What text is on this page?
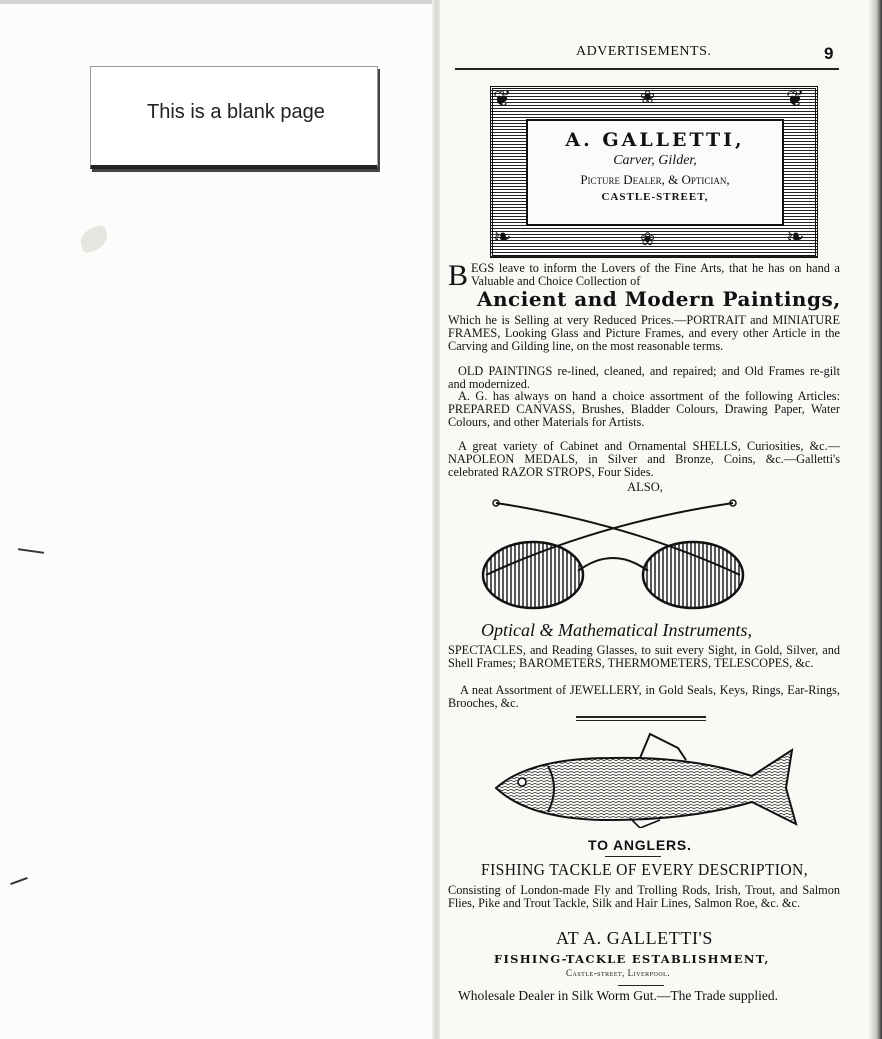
This is a blank page
ADVERTISEMENTS.	9
❦	❦
❧	❧
❀
❀
A. GALLETTI,
Carver, Gilder,
Picture Dealer, & Optician,
CASTLE-STREET,
BEGS leave to inform the Lovers of the Fine Arts, that he has on hand a Valuable and Choice Collection of
Ancient and Modern Paintings,
Which he is Selling at very Reduced Prices.—PORTRAIT and MINIATURE FRAMES, Looking Glass and Picture Frames, and every other Article in the Carving and Gilding line, on the most reasonable terms.
OLD PAINTINGS re-lined, cleaned, and repaired; and Old Frames re-gilt and modernized.
A. G. has always on hand a choice assortment of the following Articles: PREPARED CANVASS, Brushes, Bladder Colours, Drawing Paper, Water Colours, and other Materials for Artists.
A great variety of Cabinet and Ornamental SHELLS, Curiosities, &c.—NAPOLEON MEDALS, in Silver and Bronze, Coins, &c.—Galletti's celebrated RAZOR STROPS, Four Sides.
ALSO,
Optical & Mathematical Instruments,
SPECTACLES, and Reading Glasses, to suit every Sight, in Gold, Silver, and Shell Frames; BAROMETERS, THERMOMETERS, TELESCOPES, &c.
A neat Assortment of JEWELLERY, in Gold Seals, Keys, Rings, Ear-Rings, Brooches, &c.
TO ANGLERS.
FISHING TACKLE OF EVERY DESCRIPTION,
Consisting of London-made Fly and Trolling Rods, Irish, Trout, and Salmon Flies, Pike and Trout Tackle, Silk and Hair Lines, Salmon Roe, &c. &c.
AT A. GALLETTI'S
FISHING-TACKLE ESTABLISHMENT,
Castle-street, Liverpool.
Wholesale Dealer in Silk Worm Gut.—The Trade supplied.
